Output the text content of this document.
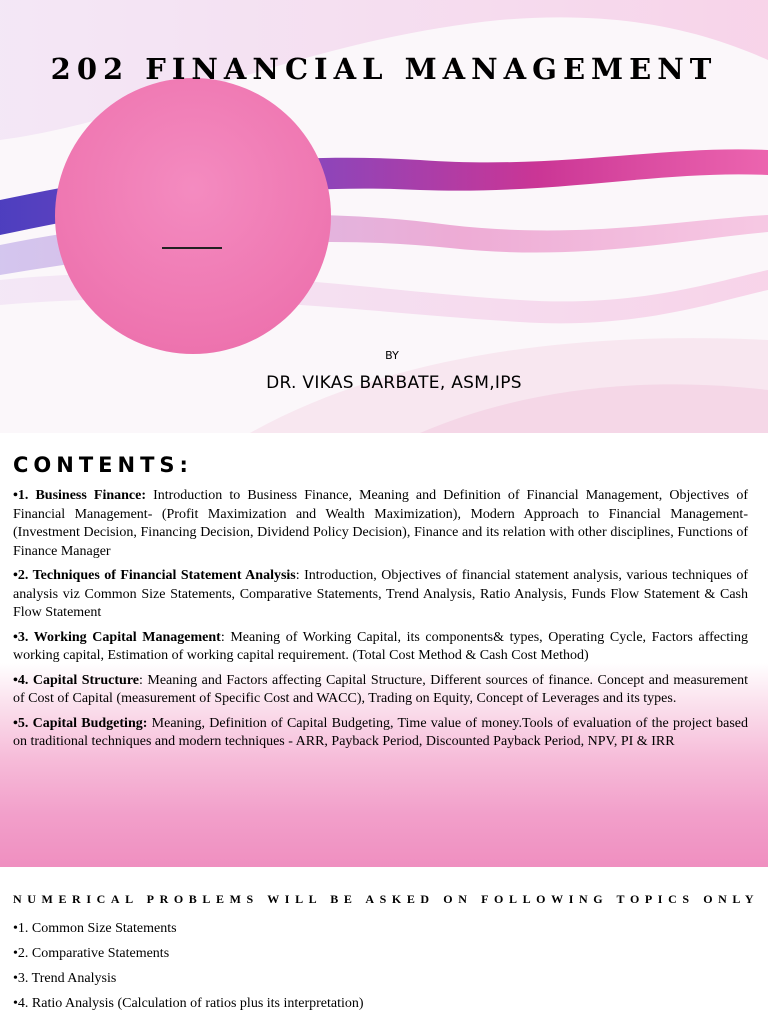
202 FINANCIAL MANAGEMENT
BY
DR. VIKAS BARBATE, ASM,IPS
CONTENTS:

•1. Business Finance: Introduction to Business Finance, Meaning and Definition of Financial Management, Objectives of Financial Management- (Profit Maximization and Wealth Maximization), Modern Approach to Financial Management- (Investment Decision, Financing Decision, Dividend Policy Decision), Finance and its relation with other disciplines, Functions of Finance Manager

•2. Techniques of Financial Statement Analysis: Introduction, Objectives of financial statement analysis, various techniques of analysis viz Common Size Statements, Comparative Statements, Trend Analysis, Ratio Analysis, Funds Flow Statement & Cash Flow Statement

•3. Working Capital Management: Meaning of Working Capital, its components& types, Operating Cycle, Factors affecting working capital, Estimation of working capital requirement. (Total Cost Method & Cash Cost Method)

•4. Capital Structure: Meaning and Factors affecting Capital Structure, Different sources of finance. Concept and measurement of Cost of Capital (measurement of Specific Cost and WACC), Trading on Equity, Concept of Leverages and its types.

•5. Capital Budgeting: Meaning, Definition of Capital Budgeting, Time value of money.Tools of evaluation of the project based on traditional techniques and modern techniques - ARR, Payback Period, Discounted Payback Period, NPV, PI & IRR

NUMERICAL PROBLEMS WILL BE ASKED ON FOLLOWING TOPICS ONLY
•1. Common Size Statements
•2. Comparative Statements
•3. Trend Analysis
•4. Ratio Analysis (Calculation of ratios plus its interpretation)
